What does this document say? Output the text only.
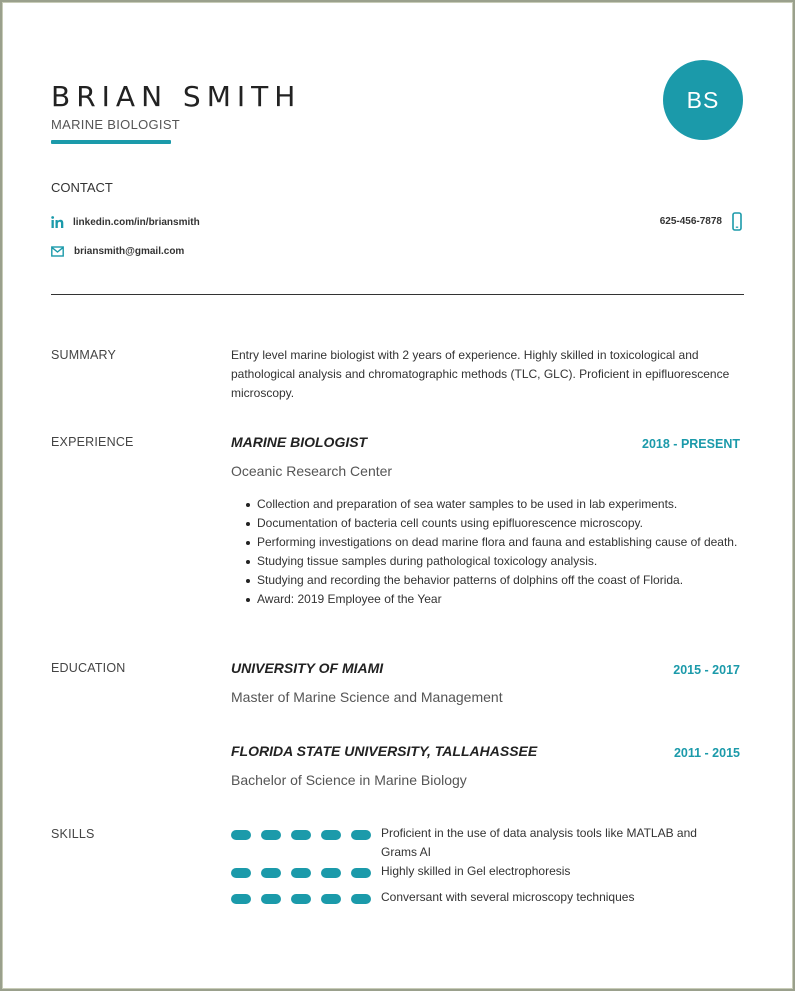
BRIAN SMITH
MARINE BIOLOGIST
BS
CONTACT
linkedin.com/in/briansmith
briansmith@gmail.com
625-456-7878
SUMMARY	Entry level marine biologist with 2 years of experience. Highly skilled in toxicological and pathological analysis and chromatographic methods (TLC, GLC). Proficient in epifluorescence microscopy.
EXPERIENCE	MARINE BIOLOGIST	2018 - PRESENT
Oceanic Research Center
Collection and preparation of sea water samples to be used in lab experiments.
Documentation of bacteria cell counts using epifluorescence microscopy.
Performing investigations on dead marine flora and fauna and establishing cause of death.
Studying tissue samples during pathological toxicology analysis.
Studying and recording the behavior patterns of dolphins off the coast of Florida.
Award: 2019 Employee of the Year
EDUCATION	UNIVERSITY OF MIAMI	2015 - 2017
Master of Marine Science and Management
FLORIDA STATE UNIVERSITY, TALLAHASSEE	2011 - 2015
Bachelor of Science in Marine Biology
SKILLS	Proficient in the use of data analysis tools like MATLAB and Grams AI
Highly skilled in Gel electrophoresis
Conversant with several microscopy techniques
